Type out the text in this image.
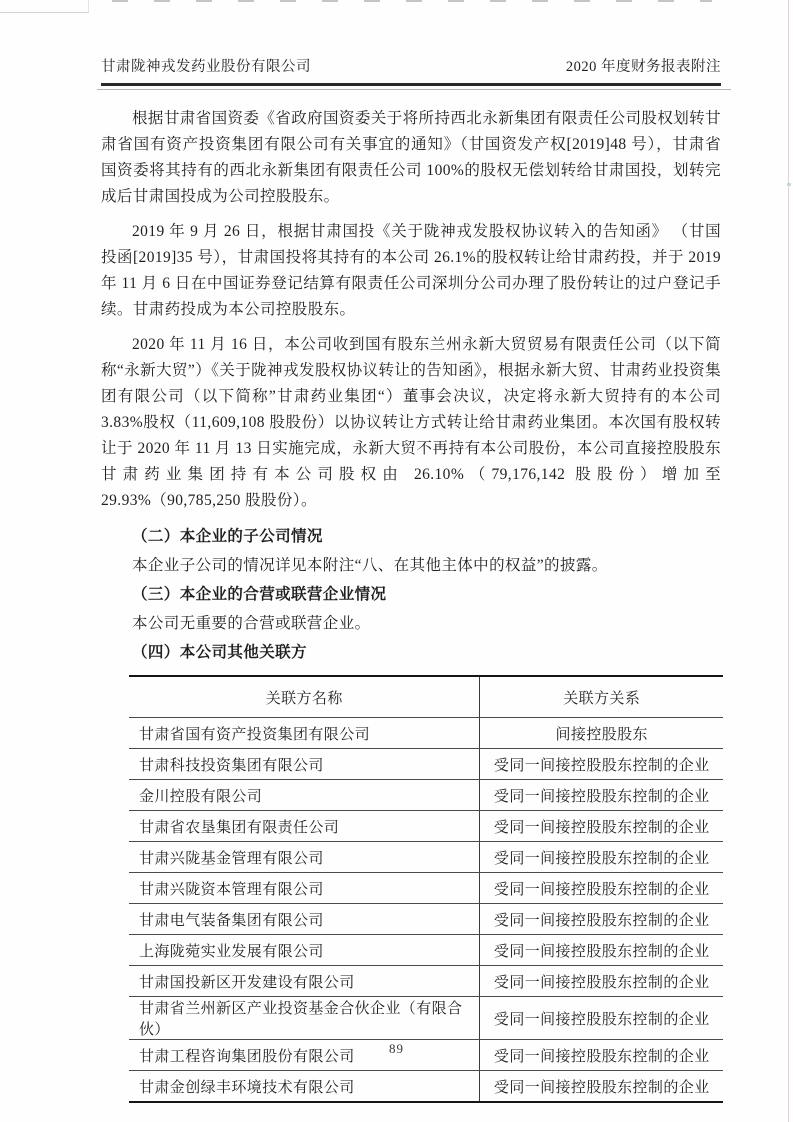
甘肃陇神戎发药业股份有限公司	2020 年度财务报表附注

根据甘肃省国资委《省政府国资委关于将所持西北永新集团有限责任公司股权划转甘肃省国有资产投资集团有限公司有关事宜的通知》（甘国资发产权[2019]48 号），甘肃省国资委将其持有的西北永新集团有限责任公司 100%的股权无偿划转给甘肃国投，划转完成后甘肃国投成为公司控股股东。

2019 年 9 月 26 日，根据甘肃国投《关于陇神戎发股权协议转入的告知函》 （甘国投函[2019]35 号），甘肃国投将其持有的本公司 26.1%的股权转让给甘肃药投，并于 2019 年 11 月 6 日在中国证券登记结算有限责任公司深圳分公司办理了股份转让的过户登记手续。甘肃药投成为本公司控股股东。

2020 年 11 月 16 日，本公司收到国有股东兰州永新大贸贸易有限责任公司（以下简称“永新大贸”）《关于陇神戎发股权协议转让的告知函》，根据永新大贸、甘肃药业投资集团有限公司（以下简称”甘肃药业集团“）董事会决议，决定将永新大贸持有的本公司 3.83%股权（11,609,108 股股份）以协议转让方式转让给甘肃药业集团。本次国有股权转让于 2020 年 11 月 13 日实施完成，永新大贸不再持有本公司股份，本公司直接控股股东甘肃药业集团持有本公司股权由 26.10%（79,176,142 股股份）增加至 29.93%（90,785,250 股股份）。

（二）本企业的子公司情况

本企业子公司的情况详见本附注“八、在其他主体中的权益”的披露。

（三）本企业的合营或联营企业情况

本公司无重要的合营或联营企业。

（四）本公司其他关联方

关联方名称	关联方关系
甘肃省国有资产投资集团有限公司	间接控股股东
甘肃科技投资集团有限公司	受同一间接控股股东控制的企业
金川控股有限公司	受同一间接控股股东控制的企业
甘肃省农垦集团有限责任公司	受同一间接控股股东控制的企业
甘肃兴陇基金管理有限公司	受同一间接控股股东控制的企业
甘肃兴陇资本管理有限公司	受同一间接控股股东控制的企业
甘肃电气装备集团有限公司	受同一间接控股股东控制的企业
上海陇菀实业发展有限公司	受同一间接控股股东控制的企业
甘肃国投新区开发建设有限公司	受同一间接控股股东控制的企业
甘肃省兰州新区产业投资基金合伙企业（有限合伙）	受同一间接控股股东控制的企业
甘肃工程咨询集团股份有限公司	受同一间接控股股东控制的企业
甘肃金创绿丰环境技术有限公司	受同一间接控股股东控制的企业
89
